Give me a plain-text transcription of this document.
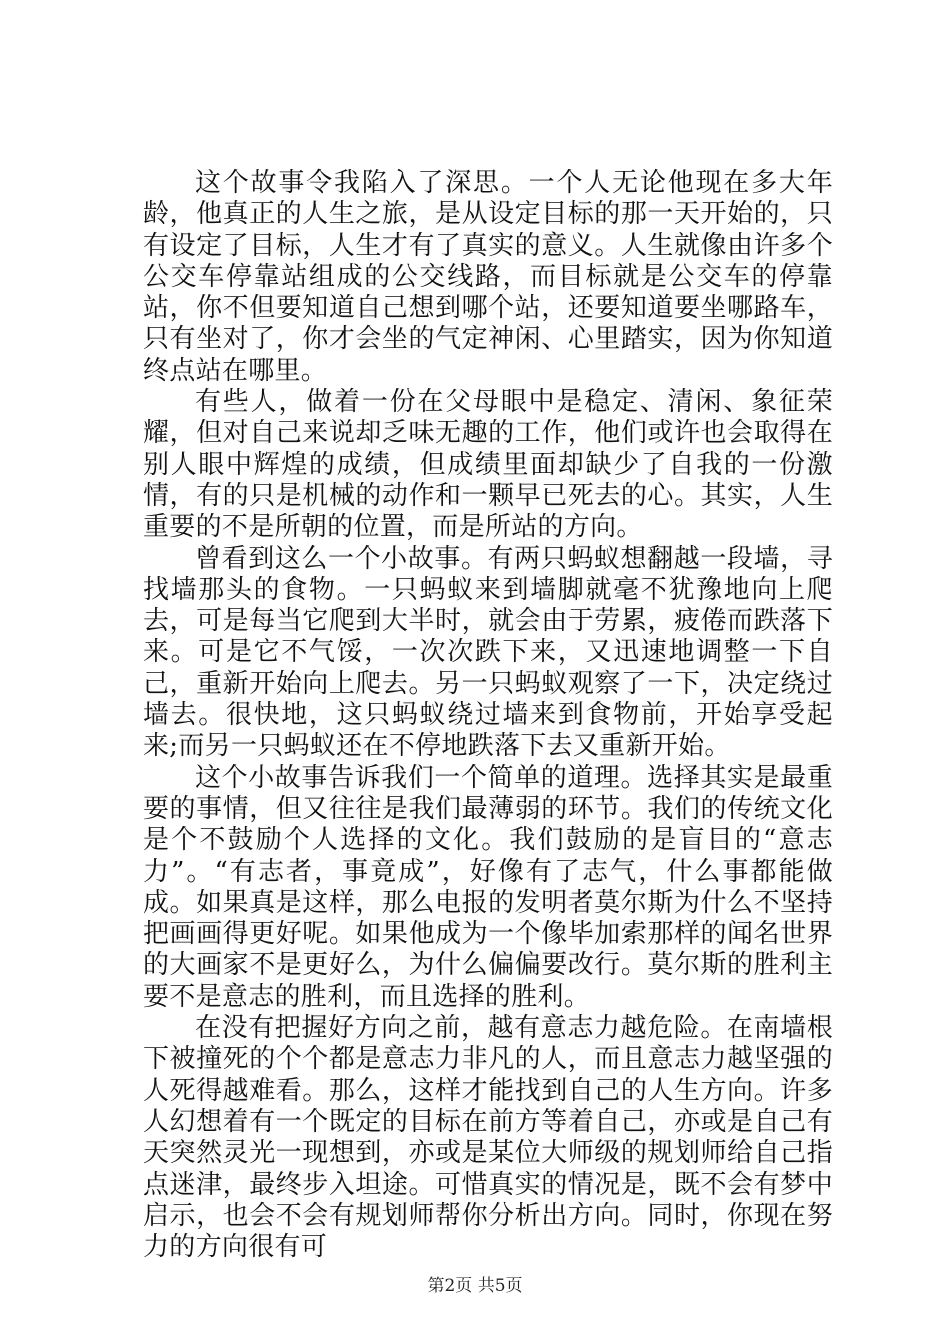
这个故事令我陷入了深思。一个人无论他现在多大年龄，他真正的人生之旅，是从设定目标的那一天开始的，只有设定了目标，人生才有了真实的意义。人生就像由许多个公交车停靠站组成的公交线路，而目标就是公交车的停靠站，你不但要知道自己想到哪个站，还要知道要坐哪路车，只有坐对了，你才会坐的气定神闲、心里踏实，因为你知道终点站在哪里。

有些人，做着一份在父母眼中是稳定、清闲、象征荣耀，但对自己来说却乏味无趣的工作，他们或许也会取得在别人眼中辉煌的成绩，但成绩里面却缺少了自我的一份激情，有的只是机械的动作和一颗早已死去的心。其实，人生重要的不是所朝的位置，而是所站的方向。

曾看到这么一个小故事。有两只蚂蚁想翻越一段墙，寻找墙那头的食物。一只蚂蚁来到墙脚就毫不犹豫地向上爬去，可是每当它爬到大半时，就会由于劳累，疲倦而跌落下来。可是它不气馁，一次次跌下来，又迅速地调整一下自己，重新开始向上爬去。另一只蚂蚁观察了一下，决定绕过墙去。很快地，这只蚂蚁绕过墙来到食物前，开始享受起来;而另一只蚂蚁还在不停地跌落下去又重新开始。

这个小故事告诉我们一个简单的道理。选择其实是最重要的事情，但又往往是我们最薄弱的环节。我们的传统文化是个不鼓励个人选择的文化。我们鼓励的是盲目的“意志力”。“有志者，事竟成”，好像有了志气，什么事都能做成。如果真是这样，那么电报的发明者莫尔斯为什么不坚持把画画得更好呢。如果他成为一个像毕加索那样的闻名世界的大画家不是更好么，为什么偏偏要改行。莫尔斯的胜利主要不是意志的胜利，而且选择的胜利。

在没有把握好方向之前，越有意志力越危险。在南墙根下被撞死的个个都是意志力非凡的人，而且意志力越坚强的人死得越难看。那么，这样才能找到自己的人生方向。许多人幻想着有一个既定的目标在前方等着自己，亦或是自己有天突然灵光一现想到，亦或是某位大师级的规划师给自己指点迷津，最终步入坦途。可惜真实的情况是，既不会有梦中启示，也会不会有规划师帮你分析出方向。同时，你现在努力的方向很有可

第2页 共5页
